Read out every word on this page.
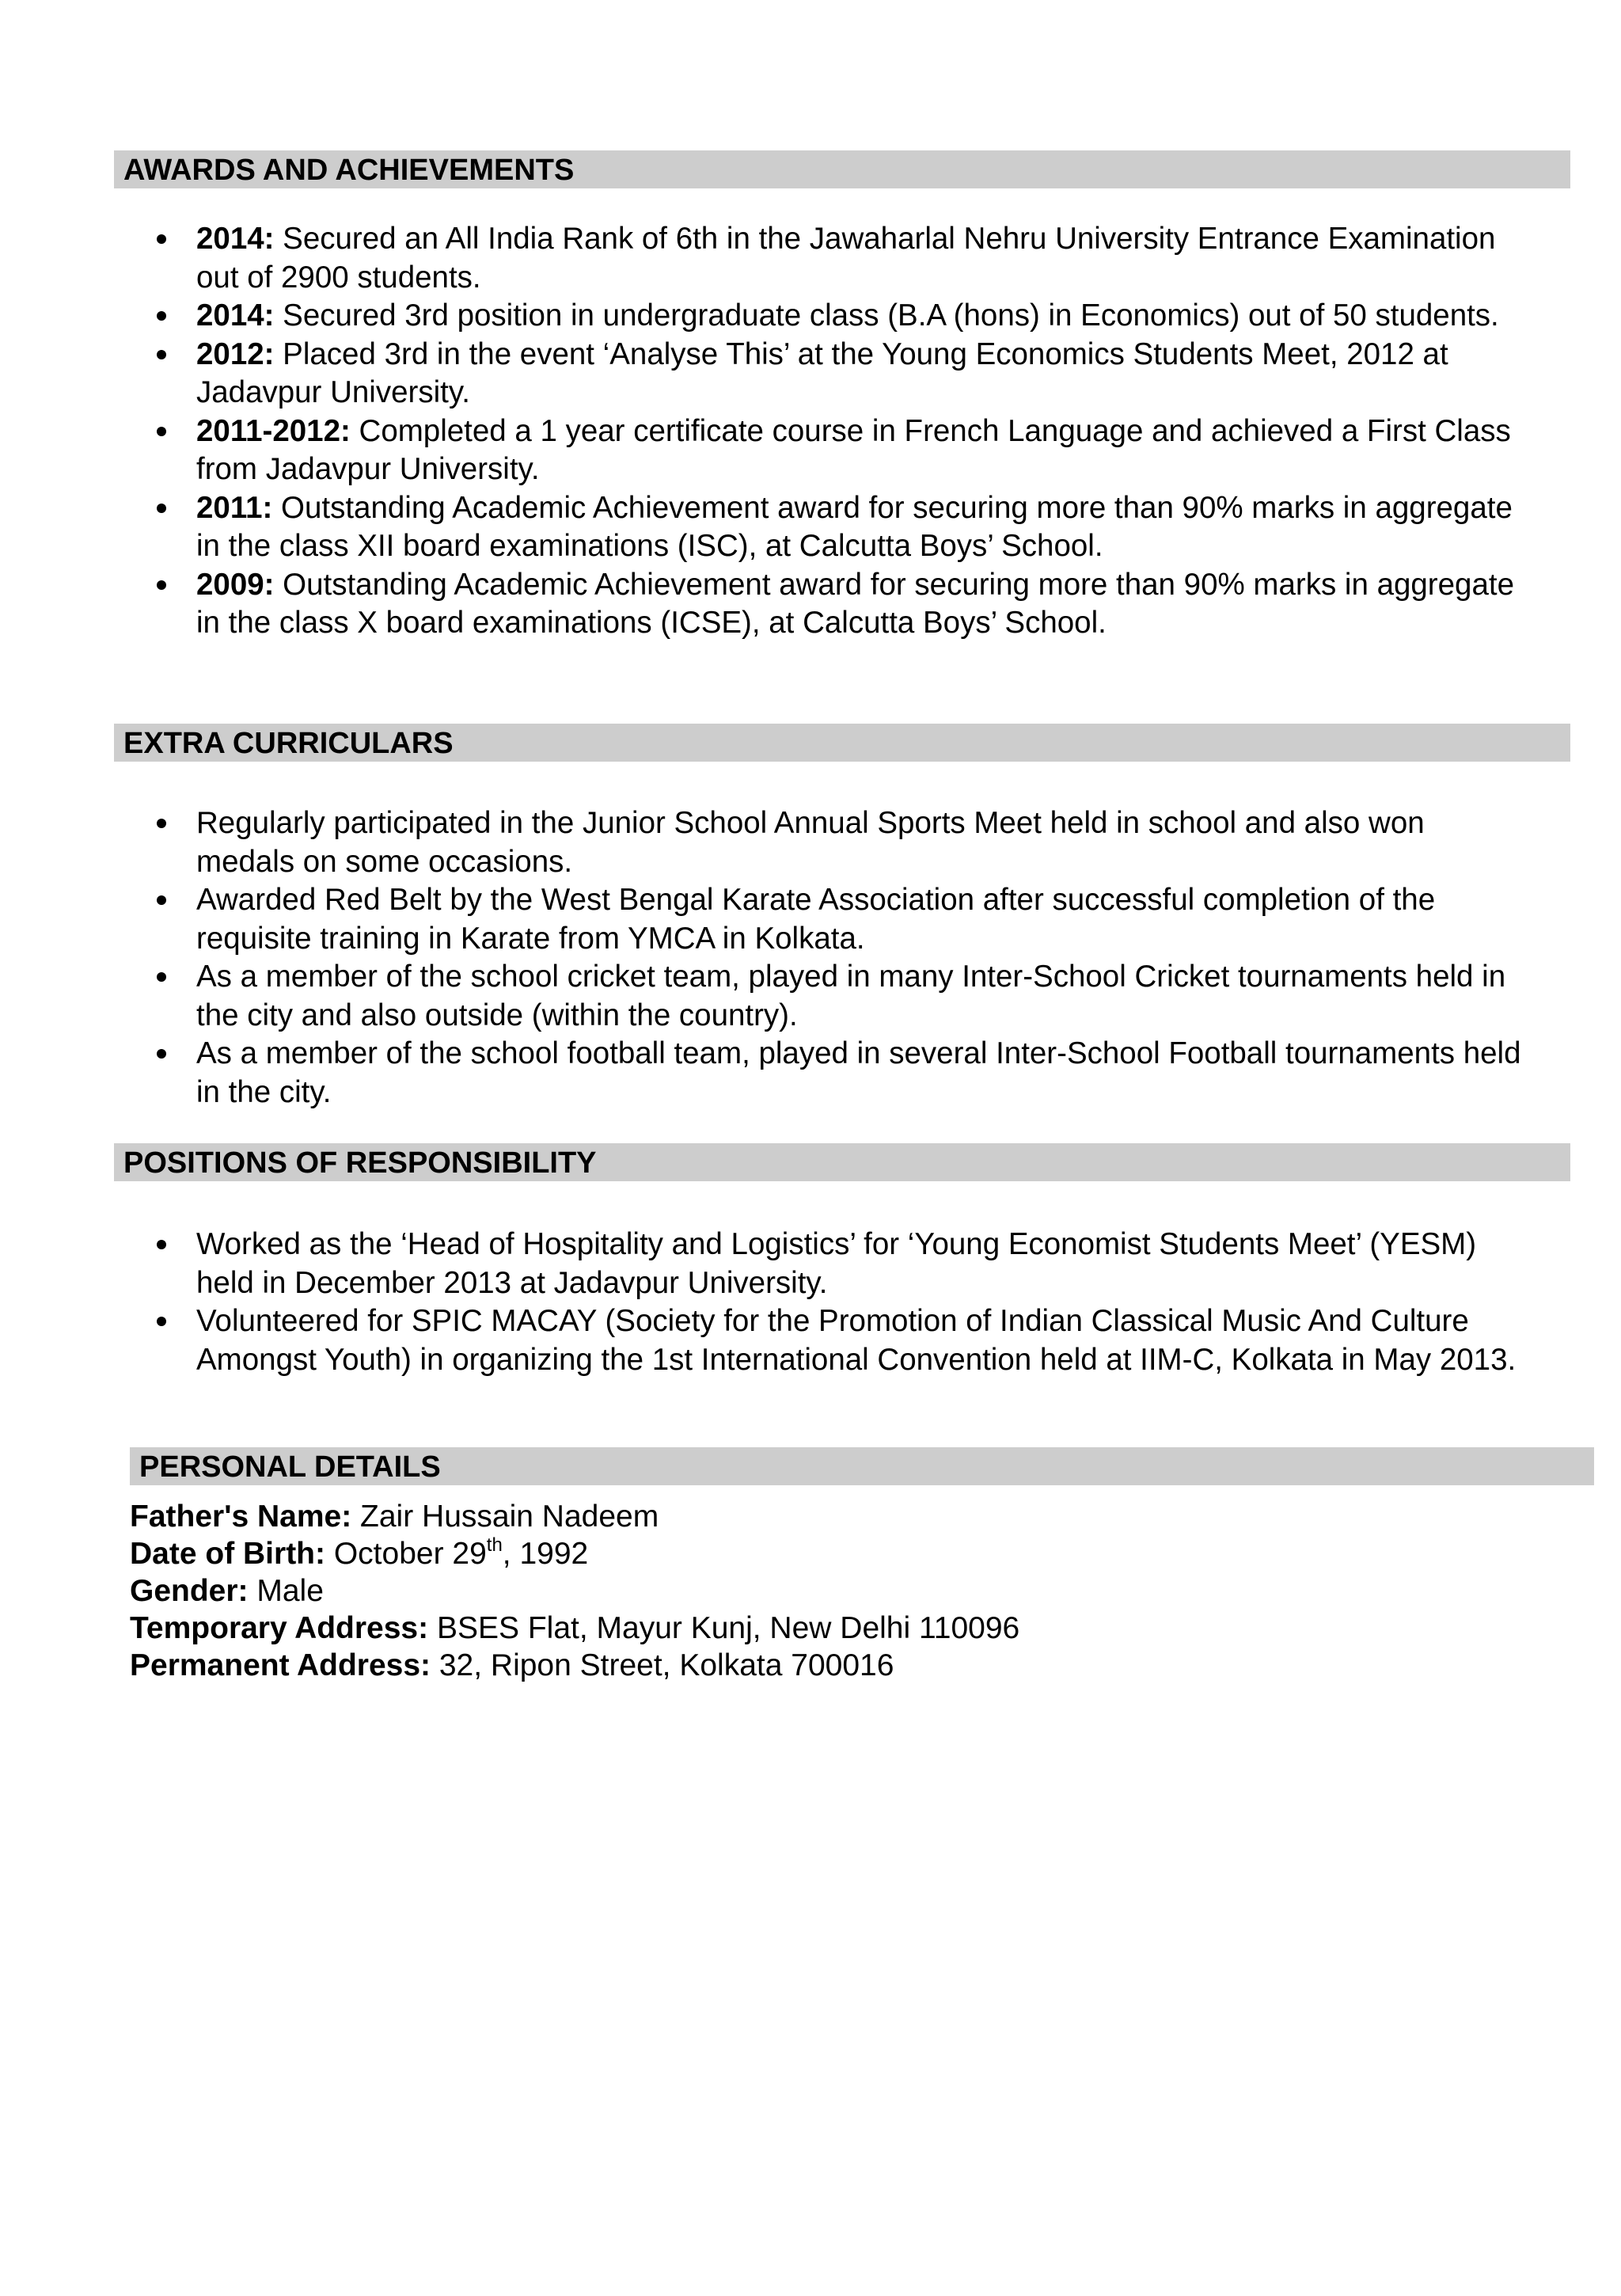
AWARDS AND ACHIEVEMENTS
2014: Secured an All India Rank of 6th in the Jawaharlal Nehru University Entrance Examination out of 2900 students.
2014: Secured 3rd position in undergraduate class (B.A (hons) in Economics) out of 50 students.
2012: Placed 3rd in the event ‘Analyse This’ at the Young Economics Students Meet, 2012 at Jadavpur University.
2011-2012: Completed a 1 year certificate course in French Language and achieved a First Class from Jadavpur University.
2011: Outstanding Academic Achievement award for securing more than 90% marks in aggregate in the class XII board examinations (ISC), at Calcutta Boys’ School.
2009: Outstanding Academic Achievement award for securing more than 90% marks in aggregate in the class X board examinations (ICSE), at Calcutta Boys’ School.
EXTRA CURRICULARS
Regularly participated in the Junior School Annual Sports Meet held in school and also won medals on some occasions.
Awarded Red Belt by the West Bengal Karate Association after successful completion of the requisite training in Karate from YMCA in Kolkata.
As a member of the school cricket team, played in many Inter-School Cricket tournaments held in the city and also outside (within the country).
As a member of the school football team, played in several Inter-School Football tournaments held in the city.
POSITIONS OF RESPONSIBILITY
Worked as the ‘Head of Hospitality and Logistics’ for ‘Young Economist Students Meet’ (YESM) held in December 2013 at Jadavpur University.
Volunteered for SPIC MACAY (Society for the Promotion of Indian Classical Music And Culture Amongst Youth) in organizing the 1st International Convention held at IIM-C, Kolkata in May 2013.
PERSONAL DETAILS
Father's Name: Zair Hussain Nadeem
Date of Birth: October 29th, 1992
Gender: Male
Temporary Address: BSES Flat, Mayur Kunj, New Delhi 110096
Permanent Address: 32, Ripon Street, Kolkata 700016
